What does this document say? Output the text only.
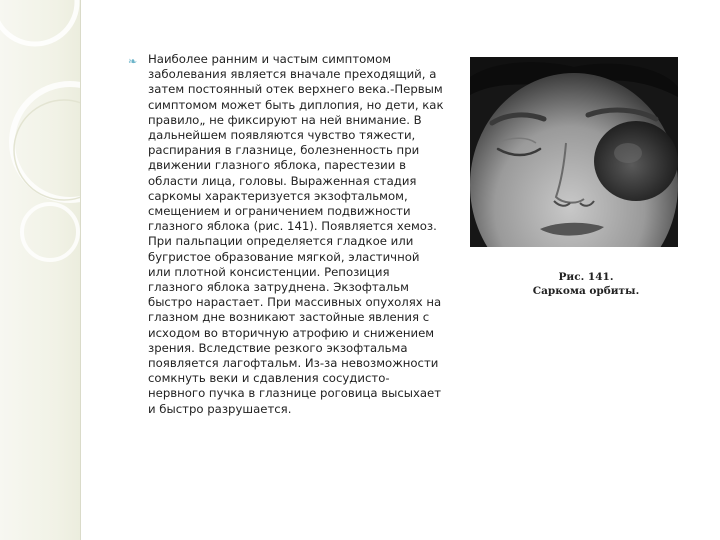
❧ Наиболее ранним и частым симптомом
заболевания является вначале преходящий, а
затем постоянный отек верхнего века.-Первым
симптомом может быть диплопия, но дети, как
правило„ не фиксируют на ней внимание. В
дальнейшем появляются чувство тяжести,
распирания в глазнице, болезненность при
движении глазного яблока, парестезии в
области лица, головы. Выраженная стадия
саркомы характеризуется экзофтальмом,
смещением и ограничением подвижности
глазного яблока (рис. 141). Появляется хемоз.
При пальпации определяется гладкое или
бугристое образование мягкой, эластичной
или плотной консистенции. Репозиция
глазного яблока затруднена. Экзофтальм
быстро нарастает. При массивных опухолях на
глазном дне возникают застойные явления с
исходом во вторичную атрофию и снижением
зрения. Вследствие резкого экзофтальма
появляется лагофтальм. Из-за невозможности
сомкнуть веки и сдавления сосудисто-
нервного пучка в глазнице роговица высыхает
и быстро разрушается.

Рис. 141.
Саркома орбиты.
